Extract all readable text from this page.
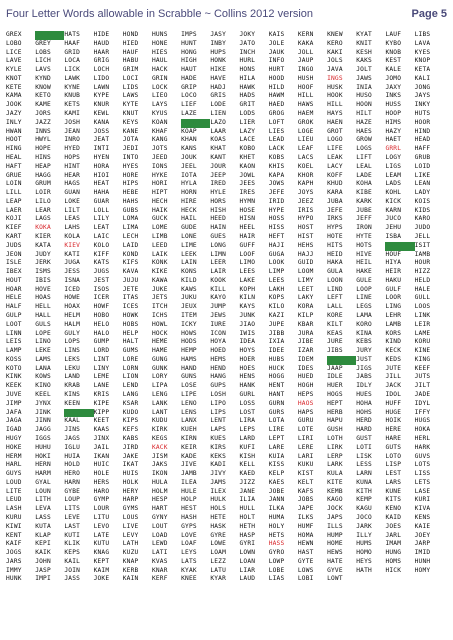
Four Letter Words allowable in Scrabble ~ Collins 2012 version	Page 5
GREX	GREN	HATS	HIDE	HOND	HUNS	IMPS	JASY	JOKY	KAIS	KERN	KNEW	KYAT	LAUF	LIBS
LOBO	GREY	HAAF	HAUD	HIED	HONE	HUNT	INBY	JATO	JOLE	KAKA	KERO	KNIT	KYBO	LAVA
LICE	LOBS	GRID	HAAR	HAUF	HIES	HONG	HUPS	INCH	JAUK	JOLL	KAKI	KESH	KNOB	KYES
LAVE	LICH	LOCA	GRIG	HABU	HAUL	HIGH	HONK	HURL	INFO	JAUP	JOLS	KAKS	KEST	KNOP
KYLE	LAVS	LICK	LOCH	GRIM	HACK	HAUT	HIKE	HONS	HURT	INGO	JAVA	JOLT	KALE	KETA
KNOT	KYND	LAWK	LIDO	LOCI	GRIN	HADE	HAVE	HILA	HOOD	HUSH	INGS	JAWS	JOMO	KALI
KETE	KNOW	KYNE	LAWN	LIDS	LOCK	GRIP	HADJ	HAWK	HILD	HOOF	HUSK	INIA	JAXY	JONG
KAMA	KETO	KNUB	KYPE	LAWS	LIEO	LOCO	GRIS	HADS	HAWM	HILL	HOOK	HUSO	INKS	JAYS
JOOK	KAME	KETS	KNUR	KYTE	LAYS	LIEF	LODE	GRIT	HAED	HAWS	HILL	HOON	HUSS	INKY
JAZY	JORS	KAMI	KEWL	KNUT	KYUS	LAZE	LIEN	LODS	GROG	HAEM	HAYS	HILT	HOOP	HUTS
INLY	JAZZ	JOSH	KANA	KEYS	KOAN	LAAN	LAZO	LIER	LOFT	GROK	HAEN	HAZE	HIMS	HOOR
HWAN	INNS	JEAN	JOSS	KANE	KHAF	KOAP	LAAR	LAZY	LIES	LOGE	GROT	HAES	HAZY	HIND
HOOT	HWYL	INRO	JEAT	JOTA	KANG	KHAN	KOAS	LACE	LEAD	LIEU	LOGO	GROW	HAET	HEAD
HING	HOPE	HYED	INTI	JEDI	JOTS	KANS	KHAT	KOBO	LACK	LEAF	LIFE	LOGS	GRRL	HAFF
HEAL	HINS	HOPS	HYEN	INTO	JEED	JOUK	KANT	KHET	KOBS	LACS	LEAK	LIFT	LOGY	GRUB
HAFT	HEAP	HINT	HORA	HYES	IONS	JEEL	JOUR	KAON	KHIS	KOEL	LACY	LEAL	LIGS	LOID
GRUE	HAGG	HEAR	HIOI	HORE	HYKE	IOTA	JEEP	JOWL	KAPA	KHOR	KOFF	LADE	LEAM	LIKE
LOIN	GRUM	HAGS	HEAT	HIPS	HORI	HYLA	IRED	JEES	JOWS	KAPH	KHUD	KOHA	LADS	LEAN
LILL	LOIR	GUAN	HAHA	HEBE	HIPT	HORN	HYLE	IRES	JEFE	JOYS	KARA	KIBE	KOHL	LADY
LEAP	LILO	LOKE	GUAR	HAHS	HECH	HIRE	HORS	HYMN	IRID	JEEZ	JUBA	KARK	KICK	KOIS
LAER	LEAR	LILT	LOLL	GUBS	HAIK	HECK	HISH	HOSE	HYPE	IRIS	JEFE	JUBE	KARN	KIDS
KOJI	LAGS	LEAS	LILY	LOMA	GUCK	HAIL	HEED	HISN	HOSS	HYPO	IRKS	JEFF	JUCO	KARO
KIEF	KOKA	LAHS	LEAT	LIMA	LOME	GUDE	HAIN	HEEL	HISS	HOST	HYPS	IRON	JEHU	JUDO
KART	KIER	KOLA	LAIC	LECH	LIMB	LONE	GUES	HAIR	HEFT	HIST	HOTE	HYTE	ISBA	JELL
JUDS	KATA	KIEV	KOLO	LAID	LEED	LIME	LONG	GUFF	HAJI	HEHS	HITS	HOTS	ICED	ISIT
JEON	JUDY	KATI	KIFF	KOND	LAIK	LEEK	LIMN	LOOF	GUGA	HAJJ	HEID	HIVE	HOUF	IAMB
ISLE	JERK	JUGA	KATS	KIFS	KONK	LAIN	LEER	LIMO	LOOK	GUID	HAKA	HEIL	HIYA	HOUR
IBEX	ISMS	JESS	JUGS	KAVA	KIKE	KONS	LAIR	LEES	LIMP	LOOM	GULA	HAKE	HEIR	HIZZ
HOUT	IBIS	ISNA	JEST	JUJU	KAWA	KILD	KOOK	LAKE	LEES	LIMY	LOON	GULE	HAKU	HELD
HOAR	HOVE	ICED	ISOS	JETE	JUKE	KAWS	KILL	KOPH	LAKH	LEET	LIND	LOOP	GULF	HALE
HELE	HOAS	HOWE	ICER	ITAS	JETS	JUKU	KAYO	KILN	KOPS	LAKY	LEFT	LINE	LOOR	GULL
HALF	HELL	HOAX	HOWF	ICES	ITCH	JEUX	JUMP	KAYS	KILO	KORA	LALL	LEGS	LING	LOOS
GULP	HALL	HELM	HOBO	HOWK	ICHS	ITEM	JEWS	JUNK	KAZI	KILP	KORE	LAMA	LEHR	LINK
LOOT	GULS	HALM	HELO	HOBS	HOWL	ICKY	IURE	JIAO	JUPE	KBAR	KILT	KORO	LAMB	LEIR
LINN	LOPE	GULY	HALO	HELP	HOCK	HOWS	ICON	IWIS	JIBB	JURA	KEAS	KINA	KORS	LAME
LEIS	LINO	LOPS	GUMP	HALT	HEME	HODS	HOYA	IDEA	IXIA	JIBE	JURE	KEBS	KIND	KORU
LAMP	LEKE	LINS	LORD	GUMS	HAME	HEMP	HOED	HOYS	IDEE	IZAR	JIBS	JURY	KECK	KINE
KOSS	LAMS	LEKS	LINT	LORE	GUNG	HAMS	HEMS	HOER	HUBS	IDEM	JIFF	JUST	KEDS	KING
KOTO	LANA	LEKU	LINY	LORN	GUNK	HAND	HEND	HOES	HUCK	IDES	JAAP	JIGS	JUTE	KEEF
KINK	KOWS	LAND	LEME	LION	LORY	GUNS	HANG	HENS	HOGG	HUED	IDLE	JABS	JILL	JUTS
KEEK	KINO	KRAB	LANE	LEND	LIPA	LOSE	GUPS	HANK	HENT	HOGH	HUER	IDLY	JACK	JILT
JUVE	KEEL	KINS	KRIS	LANG	LENG	LIPE	LOSH	GURL	HANT	HEPS	HOGS	HUES	IDOL	JADE
JIMP	JYNX	KEEN	KIPE	KSAR	LANK	LENO	LIPO	LOSS	GURN	HAOS	HEPT	HOHA	HUFF	IDYL
JAFA	JINK	KEEP	KIPP	KUDO	LANT	LENS	LIPS	LOST	GURS	HAPS	HERB	HOHS	HUGE	IFFY
JAGA	JINN	KAAL	KEET	KIPS	KUDU	LANX	LENT	LIRA	LOTA	GURU	HAPU	HERD	HOIK	HUGS
IGAD	JAGG	JINS	KAAS	KEFS	KIRK	KUEH	LAPS	LEPS	LIRE	LOTE	GUSH	HARD	HERE	HOKA
HUGY	IGGS	JAGS	JINX	KABS	KEGS	KIRN	KUES	LARD	LEPT	LIRI	LOTH	GUST	HARE	HERL
HOKE	HUHU	IGLU	JAIL	JIRD	KACK	KEIR	KIRS	KUFI	LARE	LERE	LIRK	LOTI	GUTS	HARK
HERM	HOKI	HUIA	IKAN	JAKE	JISM	KADE	KEKS	KISH	KUIA	LARI	LERP	LISK	LOTO	GUVS
HARL	HERN	HOLD	HUIC	IKAT	JAKS	JIVE	KADI	KELL	KISS	KUKU	LARK	LESS	LISP	LOTS
GUYS	HARM	HERO	HOLE	HUIS	IKON	JAMB	JIVY	KAED	KELP	KIST	KULA	LARN	LEST	LISS
LOUD	GYAL	HARN	HERS	HOLK	HULA	ILEA	JAMS	JIZZ	KAES	KELT	KITE	KUNA	LARS	LETS
LITE	LOUN	GYBE	HARO	HERY	HOLM	HULE	ILEX	JANE	JOBE	KAFS	KEMB	KITH	KUNE	LASE
LEUD	LITH	LOUP	GYMP	HARP	HESP	HOLP	HULK	ILIA	JANN	JOBS	KAGO	KEMP	KITS	KURI
LASH	LEVA	LITS	LOUR	GYMS	HART	HEST	HOLS	HULL	ILKA	JAPE	JOCK	KAGU	KENO	KIVA
KURU	LASS	LEVE	LITU	LOUS	GYNY	HASH	HETE	HOLT	HUMA	ILKS	JAPS	JOCO	KAID	KENS
KIWI	KUTA	LAST	LEVO	LIVE	LOUT	GYPS	HASK	HETH	HOLY	HUMF	ILLS	JARK	JOES	KAIE
KENT	KLAP	KUTI	LATE	LEVY	LOAD	LOVE	GYRE	HASP	HETS	HOMA	HUMP	ILLY	JARL	JOEY
KAIF	KEPI	KLIK	KUTU	LATH	LEWD	LOAF	LOWE	GYRI	HASS	HEWN	HOME	HUMS	IMAM	JARP
JOGS	KAIK	KEPS	KNAG	KUZU	LATI	LEYS	LOAM	LOWN	GYRO	HAST	HEWS	HOMO	HUNG	IMID
JARS	JOHN	KAIL	KEPT	KNAP	KVAS	LATS	LEZZ	LOAN	LOWP	GYTE	HATE	HEYS	HOMS	HUNH
IMMY	JASP	JOIN	KAIM	KERB	KNAR	KYAK	LATU	LIAR	LOBE	LOWS	GYVE	HATH	HICK	HOMY
HUNK	IMPI	JASS	JOKE	KAIN	KERF	KNEE	KYAR	LAUD	LIAS	LOBI	LOWT
